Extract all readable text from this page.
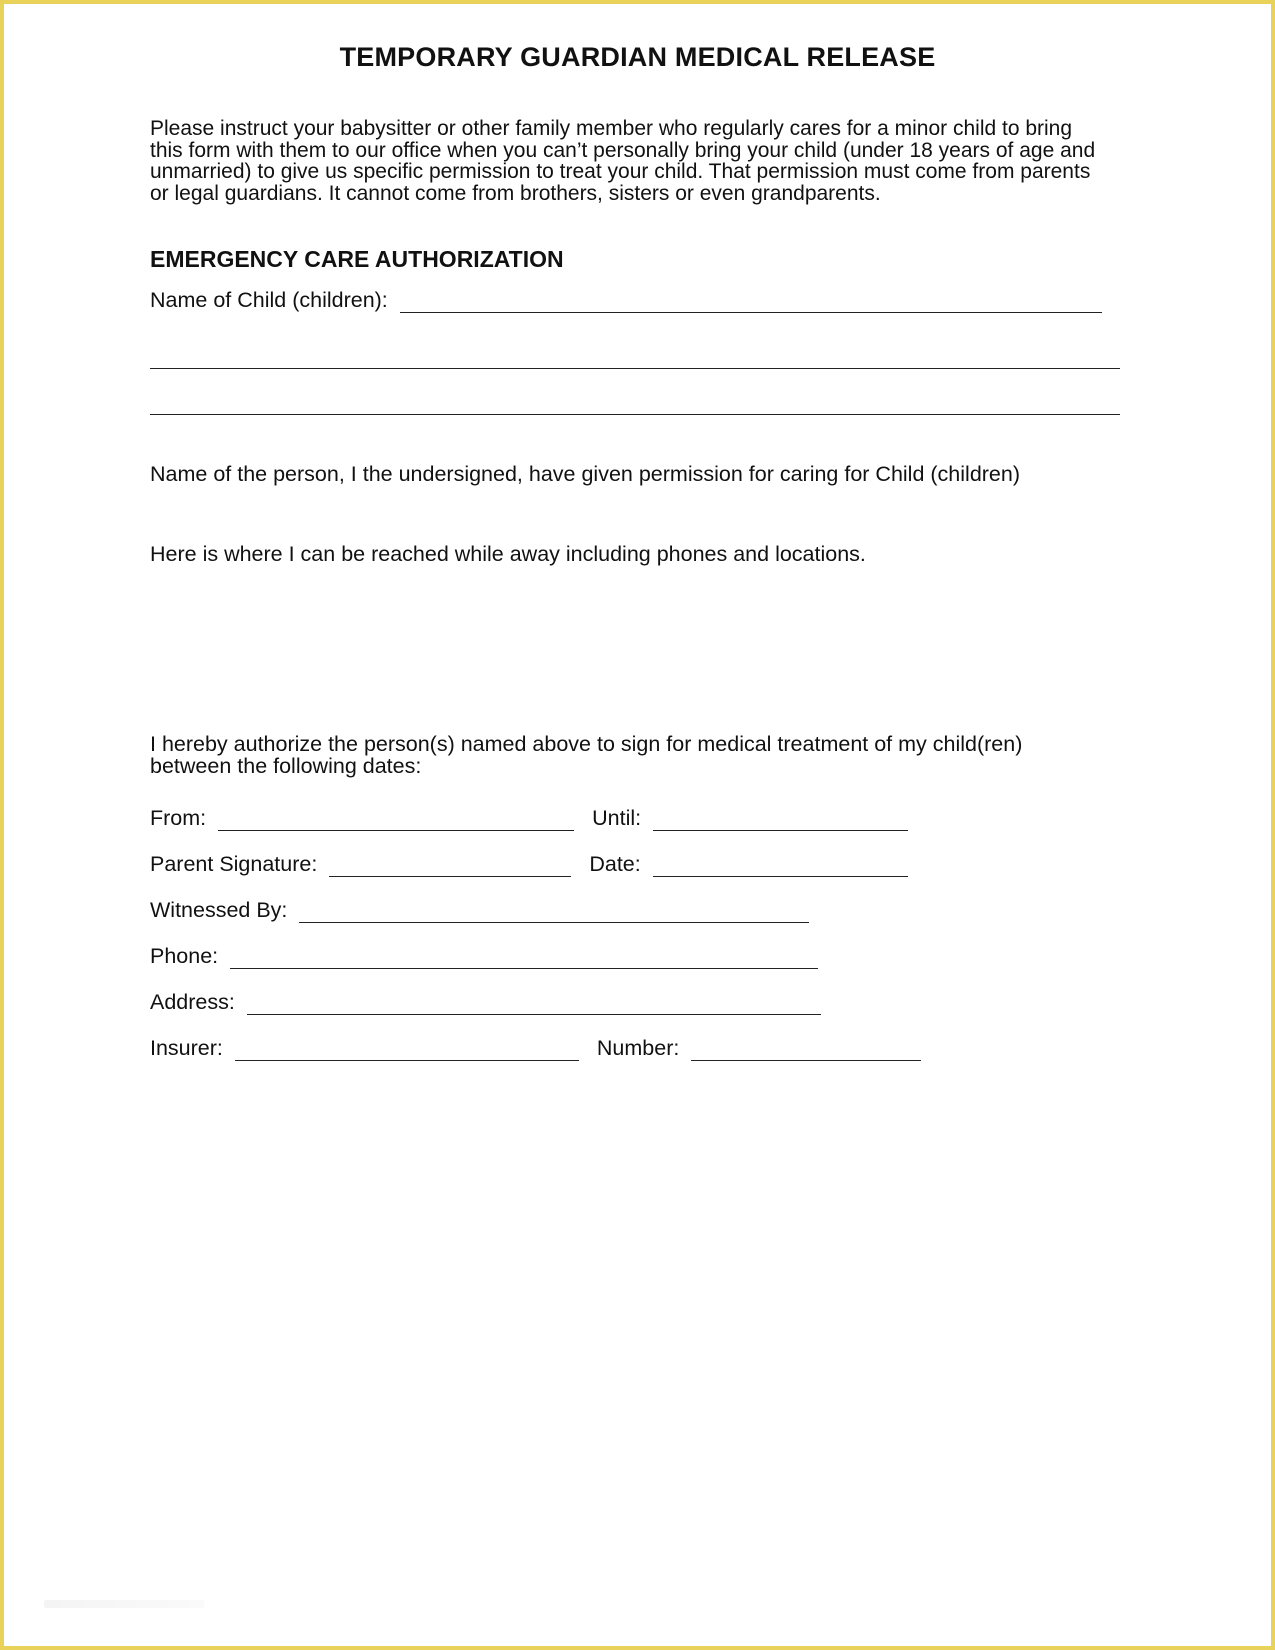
TEMPORARY GUARDIAN MEDICAL RELEASE
Please instruct your babysitter or other family member who regularly cares for a minor child to bring
this form with them to our office when you can’t personally bring your child (under 18 years of age and
unmarried) to give us specific permission to treat your child. That permission must come from parents
or legal guardians. It cannot come from brothers, sisters or even grandparents.
EMERGENCY CARE AUTHORIZATION
Name of Child (children):
Name of the person, I the undersigned, have given permission for caring for Child (children)
Here is where I can be reached while away including phones and locations.
I hereby authorize the person(s) named above to sign for medical treatment of my child(ren)
between the following dates:
From:	Until:
Parent Signature:	Date:
Witnessed By:
Phone:
Address:
Insurer:	Number:
